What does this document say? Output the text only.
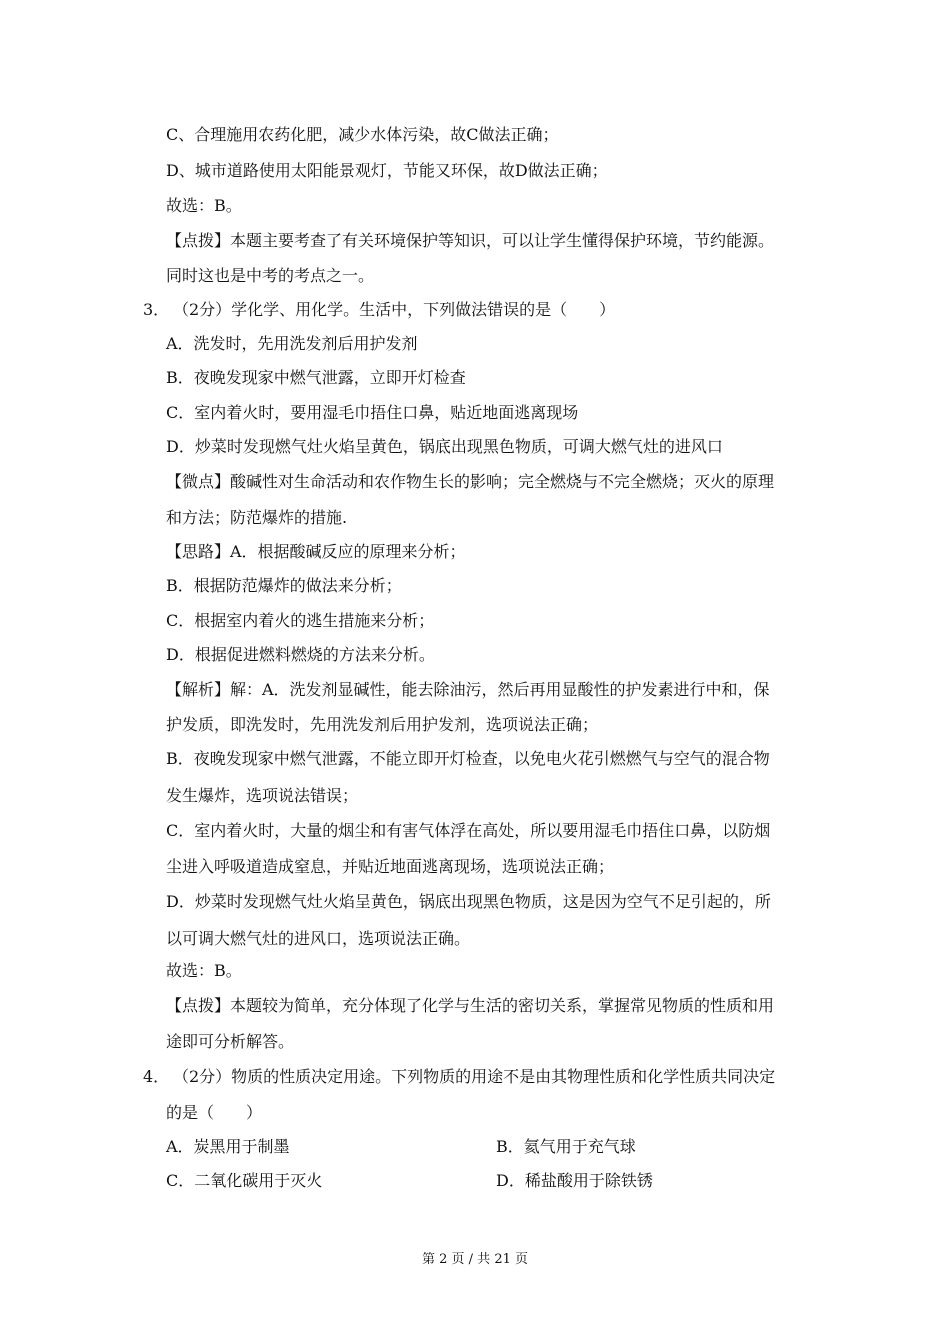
C、合理施用农药化肥，减少水体污染，故C做法正确；
D、城市道路使用太阳能景观灯，节能又环保，故D做法正确；
故选：B。
【点拨】本题主要考查了有关环境保护等知识，可以让学生懂得保护环境，节约能源。
同时这也是中考的考点之一。
3． （2分）学化学、用化学。生活中，下列做法错误的是（　　）
A．洗发时，先用洗发剂后用护发剂
B．夜晚发现家中燃气泄露，立即开灯检查
C．室内着火时，要用湿毛巾捂住口鼻，贴近地面逃离现场
D．炒菜时发现燃气灶火焰呈黄色，锅底出现黑色物质，可调大燃气灶的进风口
【微点】酸碱性对生命活动和农作物生长的影响；完全燃烧与不完全燃烧；灭火的原理
和方法；防范爆炸的措施.
【思路】A．根据酸碱反应的原理来分析；
B．根据防范爆炸的做法来分析；
C．根据室内着火的逃生措施来分析；
D．根据促进燃料燃烧的方法来分析。
【解析】解：A．洗发剂显碱性，能去除油污，然后再用显酸性的护发素进行中和，保
护发质，即洗发时，先用洗发剂后用护发剂，选项说法正确；
B．夜晚发现家中燃气泄露，不能立即开灯检查，以免电火花引燃燃气与空气的混合物
发生爆炸，选项说法错误；
C．室内着火时，大量的烟尘和有害气体浮在高处，所以要用湿毛巾捂住口鼻，以防烟
尘进入呼吸道造成窒息，并贴近地面逃离现场，选项说法正确；
D．炒菜时发现燃气灶火焰呈黄色，锅底出现黑色物质，这是因为空气不足引起的，所
以可调大燃气灶的进风口，选项说法正确。
故选：B。
【点拨】本题较为简单，充分体现了化学与生活的密切关系，掌握常见物质的性质和用
途即可分析解答。
4． （2分）物质的性质决定用途。下列物质的用途不是由其物理性质和化学性质共同决定
的是（　　）
A．炭黑用于制墨	B．氦气用于充气球
C．二氧化碳用于灭火	D．稀盐酸用于除铁锈
第 2 页 / 共 21 页
